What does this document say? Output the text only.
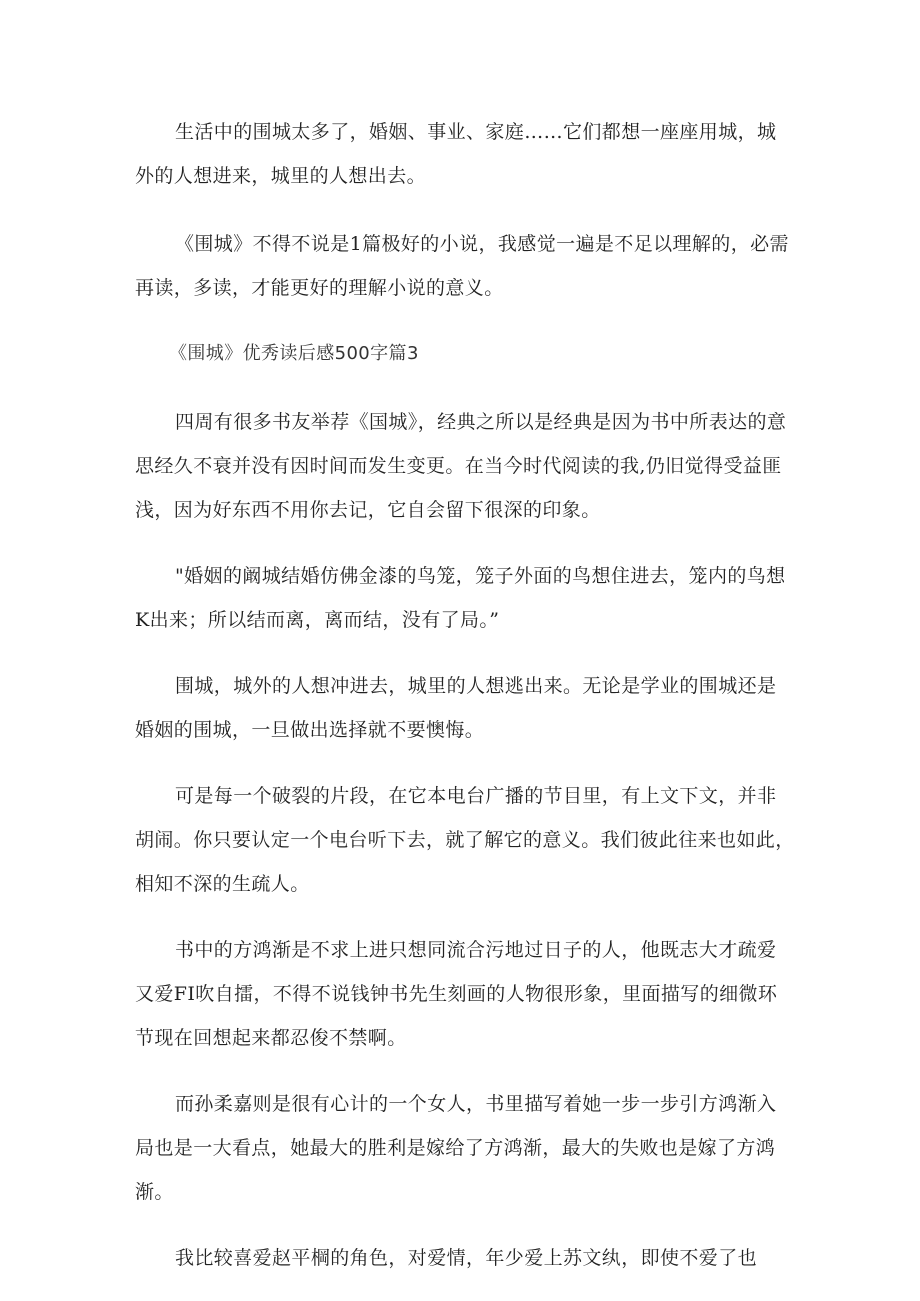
生活中的围城太多了，婚姻、事业、家庭……它们都想一座座用城，城外的人想进来，城里的人想出去。

《围城》不得不说是1篇极好的小说，我感觉一遍是不足以理解的，必需再读，多读，才能更好的理解小说的意义。

《围城》优秀读后感500字篇3

四周有很多书友举荐《国城》，经典之所以是经典是因为书中所表达的意思经久不衰并没有因时间而发生变更。在当今时代阅读的我,仍旧觉得受益匪浅，因为好东西不用你去记，它自会留下很深的印象。

"婚姻的阚城结婚仿佛金漆的鸟笼，笼子外面的鸟想住进去，笼内的鸟想K出来；所以结而离，离而结，没有了局。”

围城，城外的人想冲进去，城里的人想逃出来。无论是学业的围城还是婚姻的围城，一旦做出选择就不要懊悔。

可是每一个破裂的片段，在它本电台广播的节目里，有上文下文，并非胡闹。你只要认定一个电台听下去，就了解它的意义。我们彼此往来也如此，相知不深的生疏人。

书中的方鸿渐是不求上进只想同流合污地过日子的人，他既志大才疏爱又爱FI吹自擂，不得不说钱钟书先生刻画的人物很形象，里面描写的细微环节现在回想起来都忍俊不禁啊。

而孙柔嘉则是很有心计的一个女人，书里描写着她一步一步引方鸿渐入局也是一大看点，她最大的胜利是嫁给了方鸿渐，最大的失败也是嫁了方鸿渐。

我比较喜爱赵平棡的角色，对爱情，年少爱上苏文纨，即使不爱了也
